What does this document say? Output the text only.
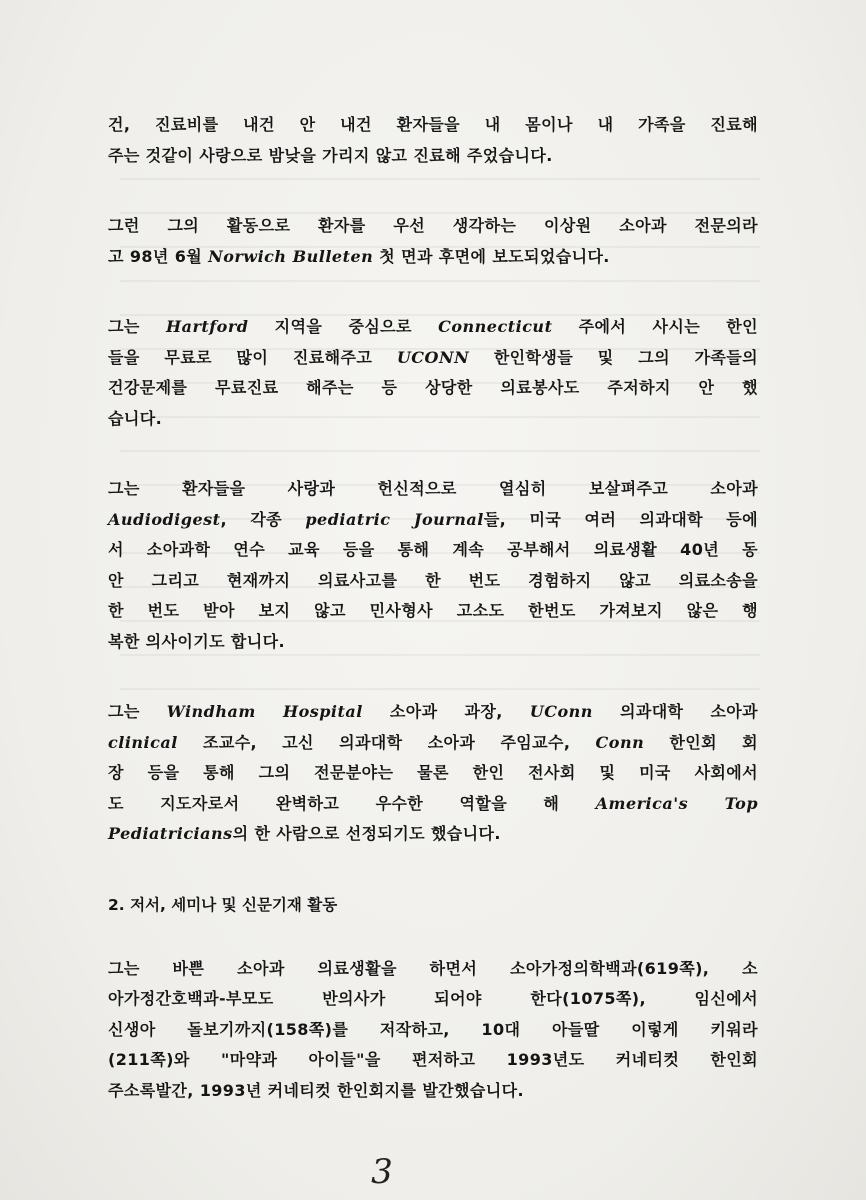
건, 진료비를 내건 안 내건 환자들을 내 몸이나 내 가족을 진료해

주는 것같이 사랑으로 밤낮을 가리지 않고 진료해 주었습니다.

그런 그의 활동으로 환자를 우선 생각하는 이상원 소아과 전문의라

고 98년 6월 Norwich Bulleten 첫 면과 후면에 보도되었습니다.

그는 Hartford 지역을 중심으로 Connecticut 주에서 사시는 한인

들을 무료로 많이 진료해주고 UCONN 한인학생들 및 그의 가족들의

건강문제를 무료진료 해주는 등 상당한 의료봉사도 주저하지 안 했

습니다.

그는 환자들을 사랑과 헌신적으로 열심히 보살펴주고 소아과

Audiodigest, 각종 pediatric Journal들, 미국 여러 의과대학 등에

서 소아과학 연수 교육 등을 통해 계속 공부해서 의료생활 40년 동

안 그리고 현재까지 의료사고를 한 번도 경험하지 않고 의료소송을

한 번도 받아 보지 않고 민사형사 고소도 한번도 가져보지 않은 행

복한 의사이기도 합니다.

그는 Windham Hospital 소아과 과장, UConn 의과대학 소아과

clinical 조교수, 고신 의과대학 소아과 주임교수, Conn 한인회 회

장 등을 통해 그의 전문분야는 물론 한인 전사회 및 미국 사회에서

도 지도자로서 완벽하고 우수한 역할을 해 America's Top

Pediatricians의 한 사람으로 선정되기도 했습니다.

2. 저서, 세미나 및 신문기재 활동

그는 바쁜 소아과 의료생활을 하면서 소아가정의학백과(619쪽), 소

아가정간호백과-부모도 반의사가 되어야 한다(1075쪽), 임신에서

신생아 돌보기까지(158쪽)를 저작하고, 10대 아들딸 이렇게 키워라

(211쪽)와 "마약과 아이들"을 편저하고 1993년도 커네티컷 한인회

주소록발간, 1993년 커네티컷 한인회지를 발간했습니다.

3
